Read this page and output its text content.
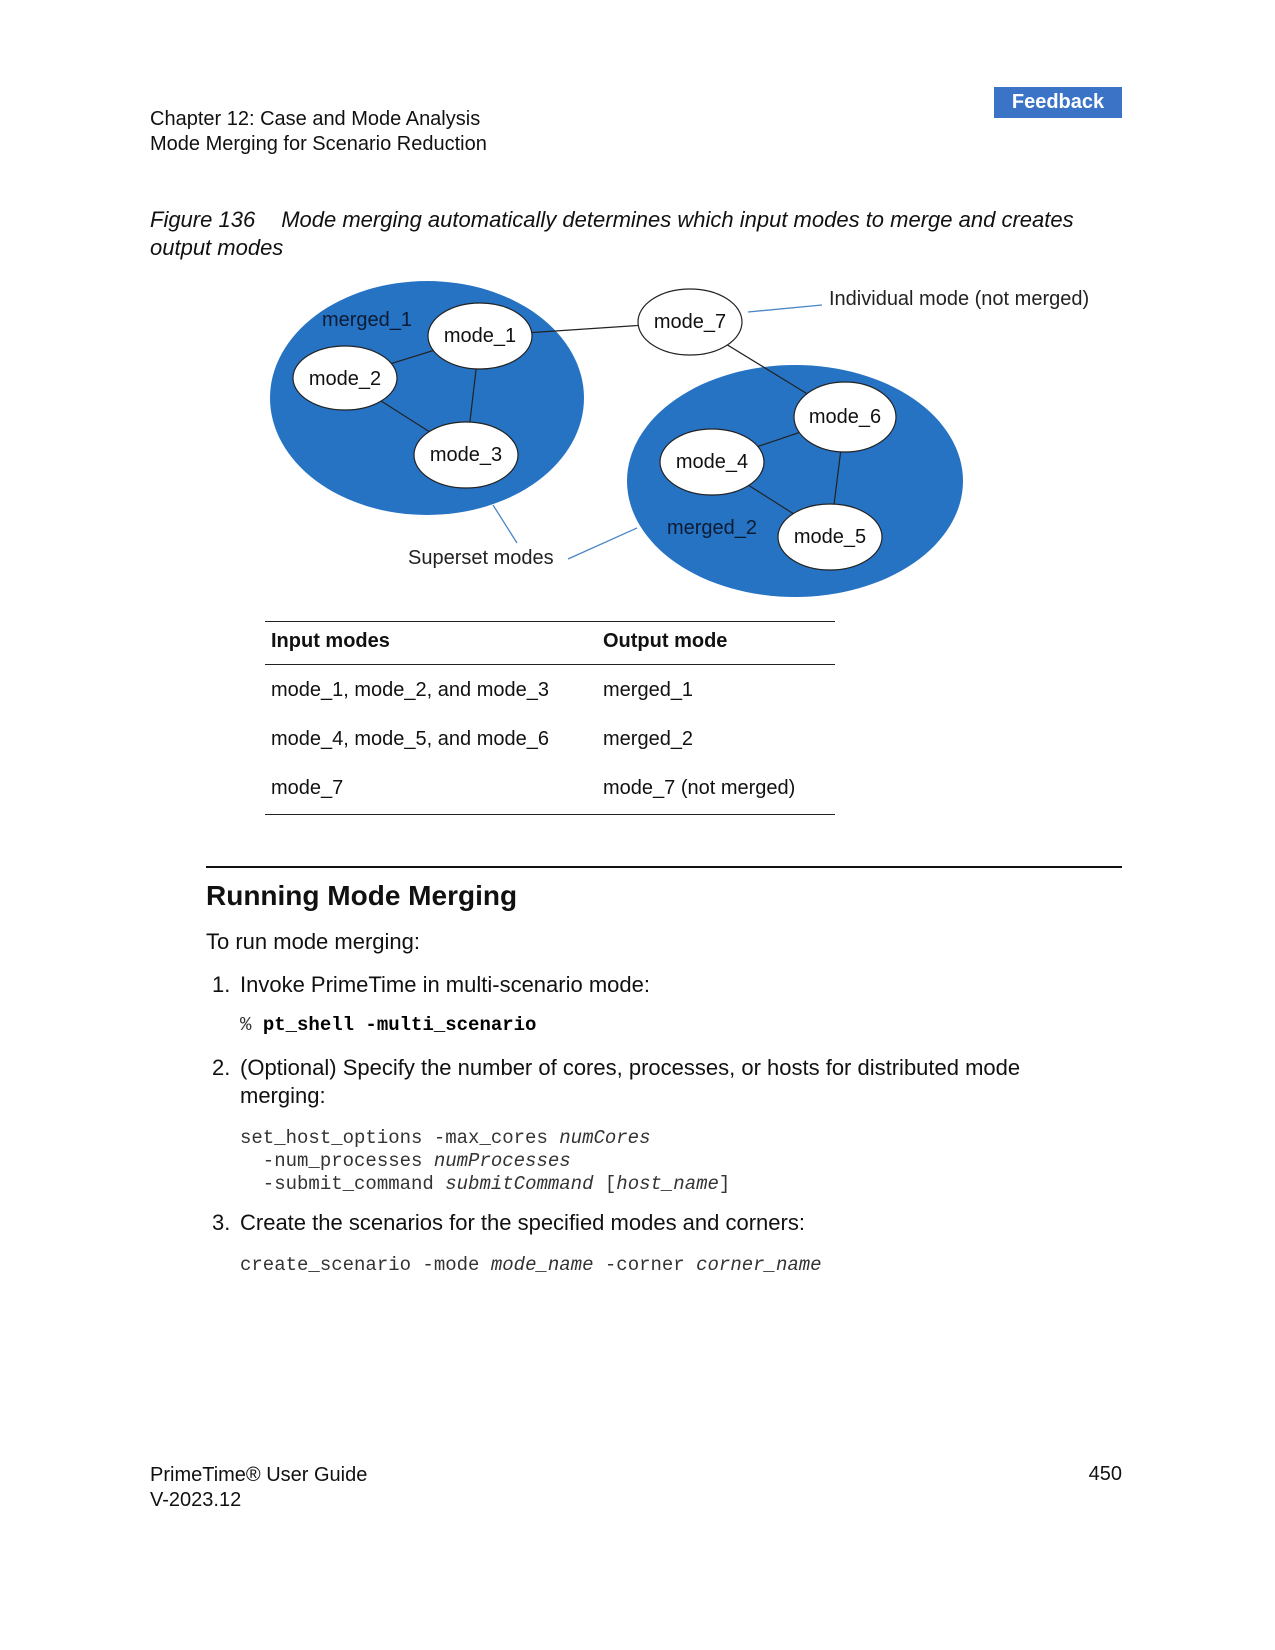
Chapter 12: Case and Mode Analysis
Mode Merging for Scenario Reduction
Feedback
Figure 136 Mode merging automatically determines which input modes to merge and creates output modes
merged_1
mode_1
mode_2
mode_3
mode_7
mode_6
mode_4
mode_5
merged_2
Individual mode (not merged)
Superset modes
Input modes	Output mode
mode_1, mode_2, and mode_3	merged_1
mode_4, mode_5, and mode_6	merged_2
mode_7	mode_7 (not merged)
Running Mode Merging
To run mode merging:
1. Invoke PrimeTime in multi-scenario mode:
% pt_shell -multi_scenario
2. (Optional) Specify the number of cores, processes, or hosts for distributed mode merging:
set_host_options -max_cores numCores
-num_processes numProcesses
-submit_command submitCommand [host_name]
3. Create the scenarios for the specified modes and corners:
create_scenario -mode mode_name -corner corner_name
PrimeTime® User Guide
V-2023.12
450
